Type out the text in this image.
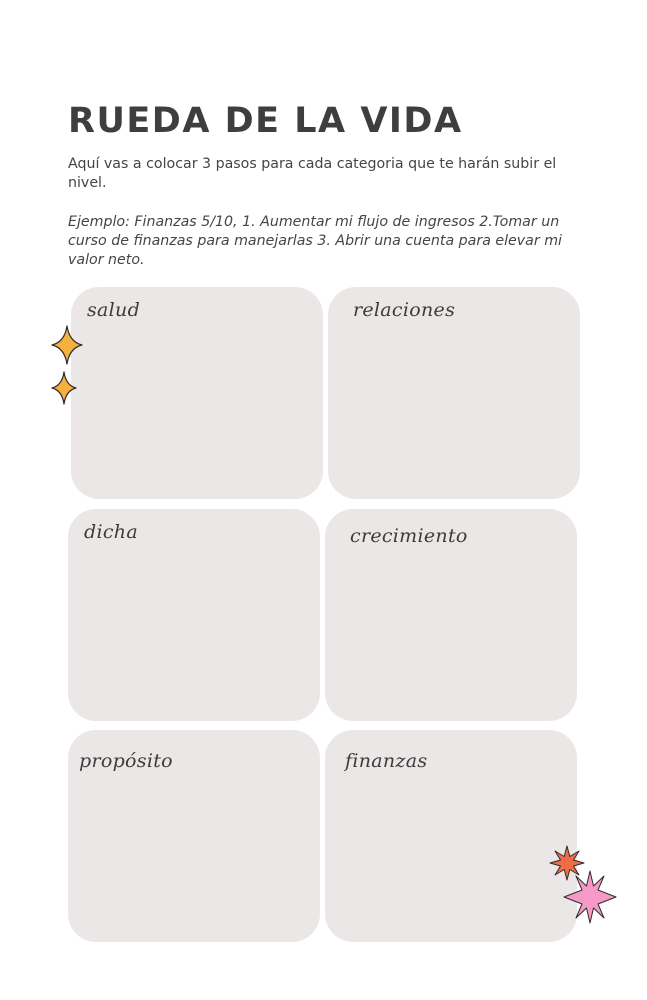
RUEDA DE LA VIDA

Aquí vas a colocar 3 pasos para cada categoria que te harán subir el nivel.

Ejemplo: Finanzas 5/10, 1. Aumentar mi flujo de ingresos 2.Tomar un curso de finanzas para manejarlas 3. Abrir una cuenta para elevar mi valor neto.

salud	relaciones
dicha	crecimiento
propósito	finanzas
